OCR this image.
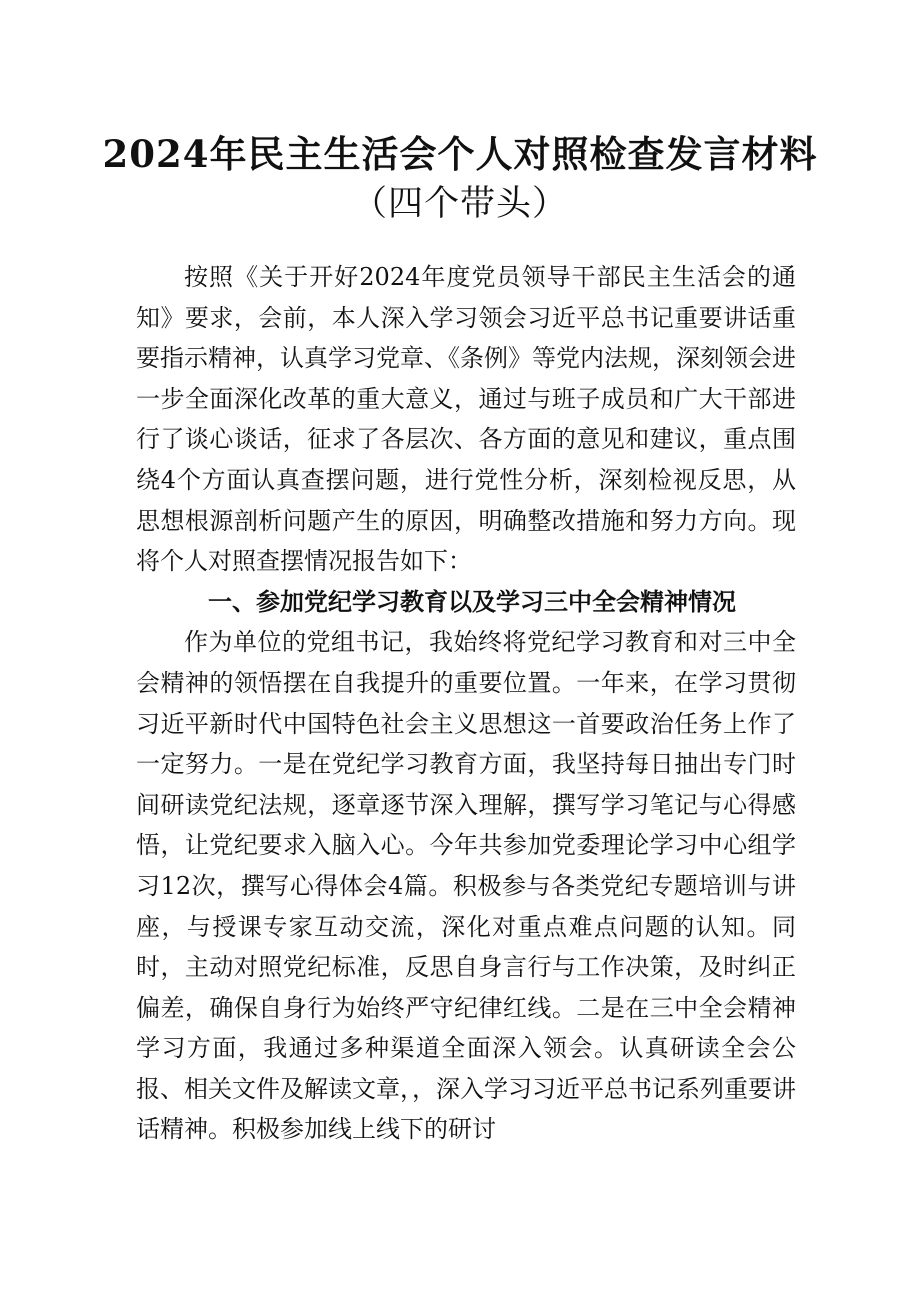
2024年民主生活会个人对照检查发言材料
（四个带头）

按照《关于开好2024年度党员领导干部民主生活会的通知》要求，会前，本人深入学习领会习近平总书记重要讲话重要指示精神，认真学习党章、《条例》等党内法规，深刻领会进一步全面深化改革的重大意义，通过与班子成员和广大干部进行了谈心谈话，征求了各层次、各方面的意见和建议，重点围绕4个方面认真查摆问题，进行党性分析，深刻检视反思，从思想根源剖析问题产生的原因，明确整改措施和努力方向。现将个人对照查摆情况报告如下：

一、参加党纪学习教育以及学习三中全会精神情况

作为单位的党组书记，我始终将党纪学习教育和对三中全会精神的领悟摆在自我提升的重要位置。一年来，在学习贯彻习近平新时代中国特色社会主义思想这一首要政治任务上作了一定努力。一是在党纪学习教育方面，我坚持每日抽出专门时间研读党纪法规，逐章逐节深入理解，撰写学习笔记与心得感悟，让党纪要求入脑入心。今年共参加党委理论学习中心组学习12次，撰写心得体会4篇。积极参与各类党纪专题培训与讲座，与授课专家互动交流，深化对重点难点问题的认知。同时，主动对照党纪标准，反思自身言行与工作决策，及时纠正偏差，确保自身行为始终严守纪律红线。二是在三中全会精神学习方面，我通过多种渠道全面深入领会。认真研读全会公报、相关文件及解读文章，，深入学习习近平总书记系列重要讲话精神。积极参加线上线下的研讨
